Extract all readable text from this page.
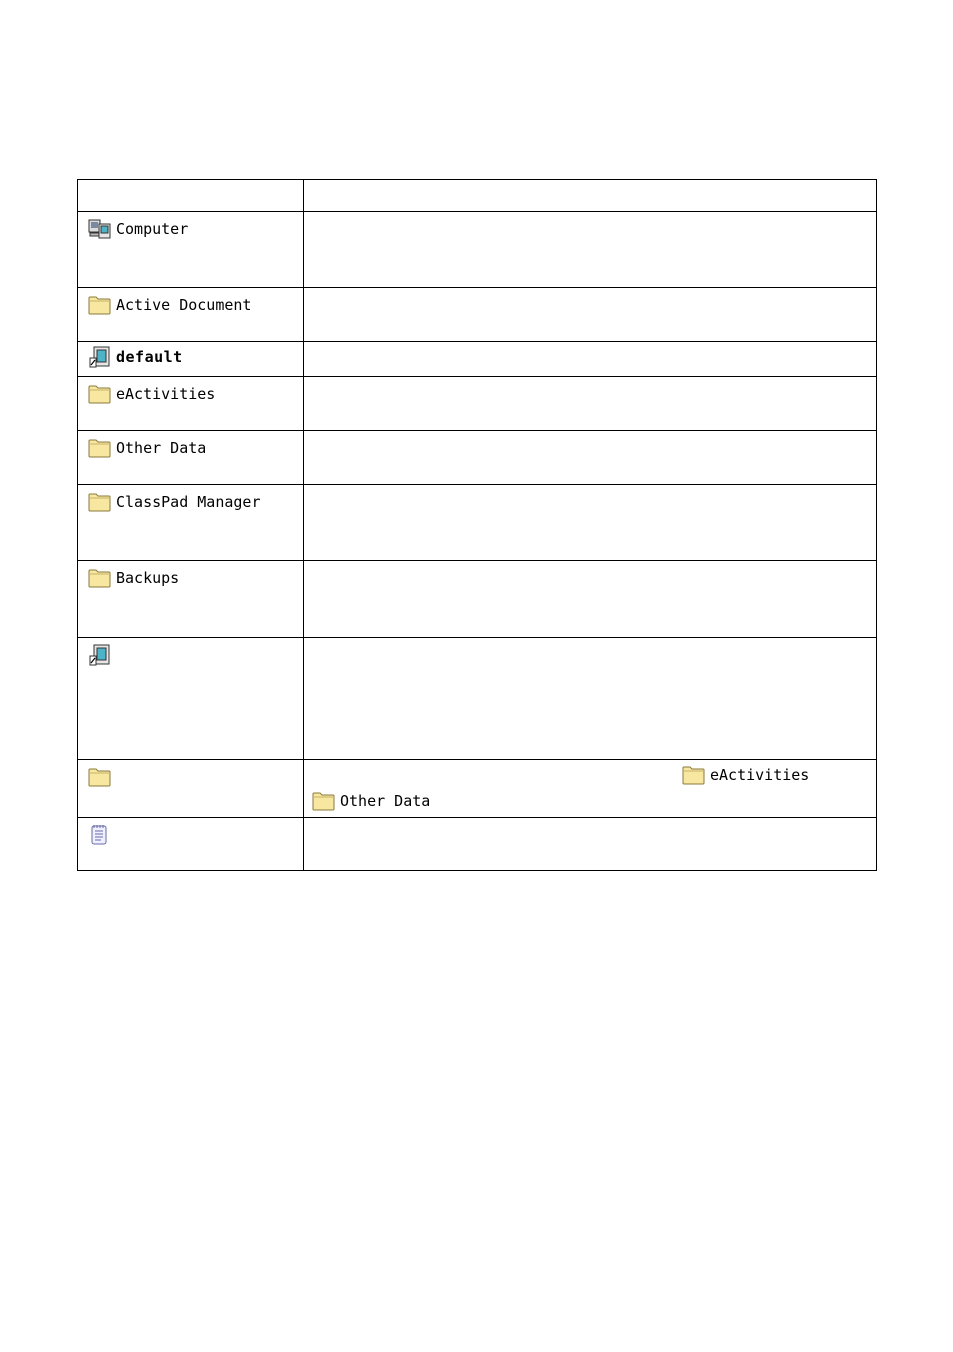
Computer
Active Document
default
eActivities
Other Data
ClassPad Manager
Backups
eActivities
Other Data
